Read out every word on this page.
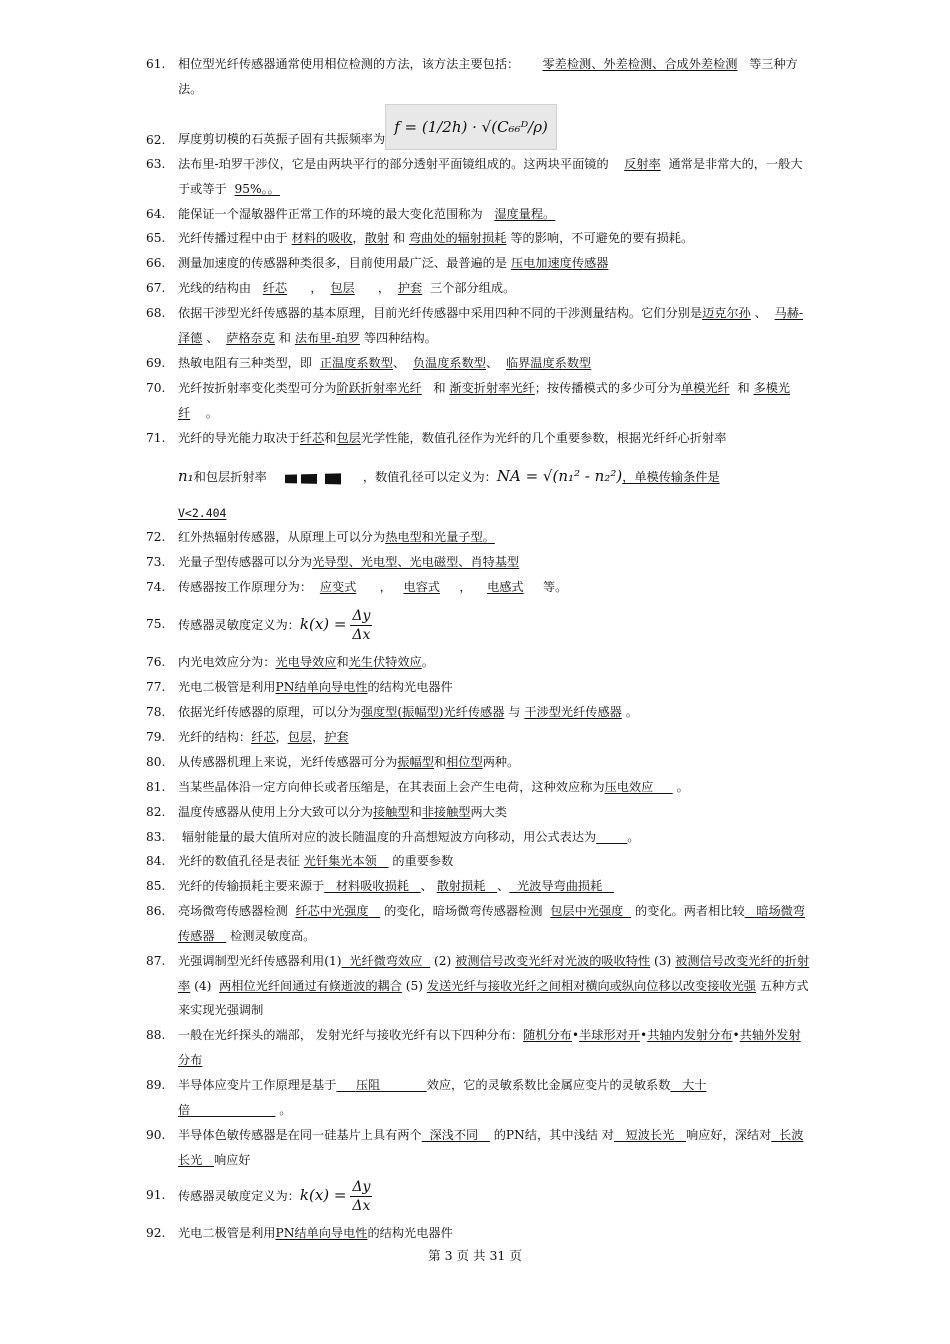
61.	相位型光纤传感器通常使用相位检测的方法，该方法主要包括： 零差检测、外差检测、合成外差检测 等三种方法。
62.	厚度剪切模的石英振子固有共振频率为f = (1/2h) · √(C₆₆ᴰ/ρ)
63.	法布里-珀罗干涉仪，它是由两块平行的部分透射平面镜组成的。这两块平面镜的 反射率 通常是非常大的，一般大于或等于 95%。。
64.	能保证一个湿敏器件正常工作的环境的最大变化范围称为 湿度量程。
65.	光纤传播过程中由于 材料的吸收，散射 和 弯曲处的辐射损耗 等的影响，不可避免的要有损耗。
66.	测量加速度的传感器种类很多，目前使用最广泛、最普遍的是 压电加速度传感器
67.	光线的结构由 纤芯      ，  包层      ，  护套 三个部分组成。
68.	依据干涉型光纤传感器的基本原理，目前光纤传感器中采用四种不同的干涉测量结构。它们分别是迈克尔孙 、  马赫-泽德 、  萨格奈克 和 法布里-珀罗 等四种结构。
69.	热敏电阻有三种类型，即 正温度系数型、  负温度系数型、  临界温度系数型
70.	光纤按折射率变化类型可分为阶跃折射率光纤   和 渐变折射率光纤；按传播模式的多少可分为单模光纤  和 多模光纤 。
71.	光纤的导光能力取决于纤芯和包层光学性能，数值孔径作为光纤的几个重要参数，根据光纤纤心折射率
n₁和包层折射率	，数值孔径可以定义为：NA = √(n₁² - n₂²)，单模传输条件是
V<2.404
72.	红外热辐射传感器，从原理上可以分为热电型和光量子型。
73.	光量子型传感器可以分为光导型、光电型、光电磁型、肖特基型
74.	传感器按工作原理分为： 应变式      ，   电容式     ，    电感式 等。
75.	传感器灵敏度定义为：$k(x) = \frac{\Delta y}{\Delta x}$
76.	内光电效应分为：光电导效应和光生伏特效应。
77.	光电二极管是利用PN结单向导电性的结构光电器件
78.	依据光纤传感器的原理，可以分为强度型(振幅型)光纤传感器 与 干涉型光纤传感器 。
79.	光纤的结构：纤芯，包层，护套
80.	从传感器机理上来说，光纤传感器可分为振幅型和相位型两种。
81.	当某些晶体沿一定方向伸长或者压缩是，在其表面上会产生电荷，这种效应称为压电效应 。
82.	温度传感器从使用上分大致可以分为接触型和非接触型两大类
83.	辐射能量的最大值所对应的波长随温度的升高想短波方向移动，用公式表达为	。
84.	光纤的数值孔径是表征 光钎集光本领 的重要参数
85.	光纤的传输损耗主要来源于 材料吸收损耗 、 散射损耗 、 光波导弯曲损耗
86.	亮场微弯传感器检测 纤芯中光强度 的变化，暗场微弯传感器检测 包层中光强度 的变化。两者相比较 暗场微弯传感器 检测灵敏度高。
87.	光强调制型光纤传感器利用(1) 光纤微弯效应 (2) 被测信号改变光纤对光波的吸收特性 (3) 被测信号改变光纤的折射率 (4) 两相位光纤间通过有倏逝波的耦合 (5) 发送光纤与接收光纤之间相对横向或纵向位移以改变接收光强 五种方式来实现光强调制
88.	一般在光纤探头的端部， 发射光纤与接收光纤有以下四种分布：随机分布•半球形对开•共轴内发射分布•共轴外发射分布
89.	半导体应变片工作原理是基于 压阻	效应，它的灵敏系数比金属应变片的灵敏系数 大十倍	。
90.	半导体色敏传感器是在同一硅基片上具有两个 深浅不同 的PN结，其中浅结 对 短波长光 响应好，深结对 长波长光 响应好
91.	传感器灵敏度定义为：$k(x) = \frac{\Delta y}{\Delta x}$
92.	光电二极管是利用PN结单向导电性的结构光电器件
第 3 页 共 31 页
